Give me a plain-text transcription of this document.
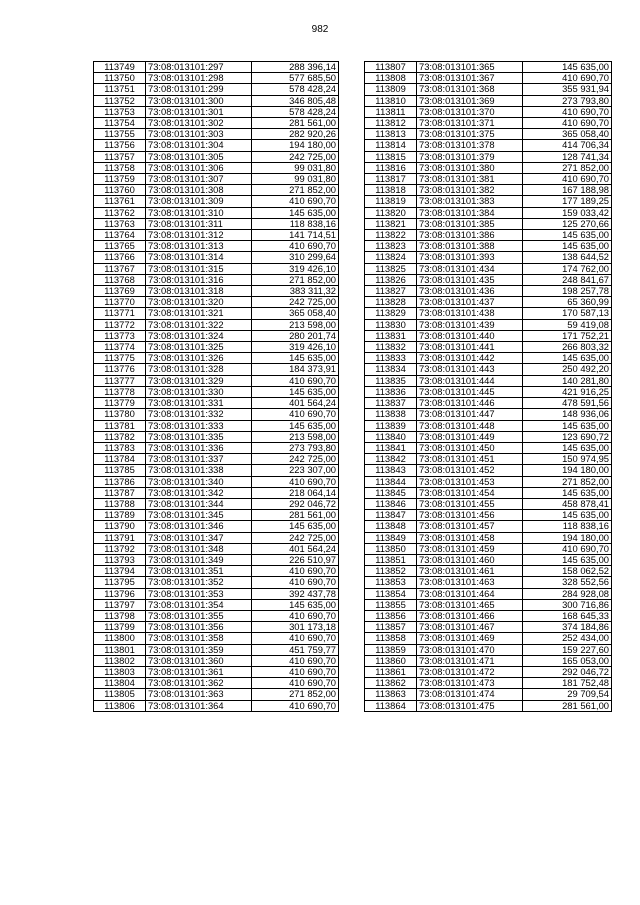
982
113749	73:08:013101:297	288 396,14
113750	73:08:013101:298	577 685,50
113751	73:08:013101:299	578 428,24
113752	73:08:013101:300	346 805,48
113753	73:08:013101:301	578 428,24
113754	73:08:013101:302	281 561,00
113755	73:08:013101:303	282 920,26
113756	73:08:013101:304	194 180,00
113757	73:08:013101:305	242 725,00
113758	73:08:013101:306	99 031,80
113759	73:08:013101:307	99 031,80
113760	73:08:013101:308	271 852,00
113761	73:08:013101:309	410 690,70
113762	73:08:013101:310	145 635,00
113763	73:08:013101:311	118 838,16
113764	73:08:013101:312	141 714,51
113765	73:08:013101:313	410 690,70
113766	73:08:013101:314	310 299,64
113767	73:08:013101:315	319 426,10
113768	73:08:013101:316	271 852,00
113769	73:08:013101:318	383 311,32
113770	73:08:013101:320	242 725,00
113771	73:08:013101:321	365 058,40
113772	73:08:013101:322	213 598,00
113773	73:08:013101:324	280 201,74
113774	73:08:013101:325	319 426,10
113775	73:08:013101:326	145 635,00
113776	73:08:013101:328	184 373,91
113777	73:08:013101:329	410 690,70
113778	73:08:013101:330	145 635,00
113779	73:08:013101:331	401 564,24
113780	73:08:013101:332	410 690,70
113781	73:08:013101:333	145 635,00
113782	73:08:013101:335	213 598,00
113783	73:08:013101:336	273 793,80
113784	73:08:013101:337	242 725,00
113785	73:08:013101:338	223 307,00
113786	73:08:013101:340	410 690,70
113787	73:08:013101:342	218 064,14
113788	73:08:013101:344	292 046,72
113789	73:08:013101:345	281 561,00
113790	73:08:013101:346	145 635,00
113791	73:08:013101:347	242 725,00
113792	73:08:013101:348	401 564,24
113793	73:08:013101:349	226 510,97
113794	73:08:013101:351	410 690,70
113795	73:08:013101:352	410 690,70
113796	73:08:013101:353	392 437,78
113797	73:08:013101:354	145 635,00
113798	73:08:013101:355	410 690,70
113799	73:08:013101:356	301 173,18
113800	73:08:013101:358	410 690,70
113801	73:08:013101:359	451 759,77
113802	73:08:013101:360	410 690,70
113803	73:08:013101:361	410 690,70
113804	73:08:013101:362	410 690,70
113805	73:08:013101:363	271 852,00
113806	73:08:013101:364	410 690,70
113807	73:08:013101:365	145 635,00
113808	73:08:013101:367	410 690,70
113809	73:08:013101:368	355 931,94
113810	73:08:013101:369	273 793,80
113811	73:08:013101:370	410 690,70
113812	73:08:013101:371	410 690,70
113813	73:08:013101:375	365 058,40
113814	73:08:013101:378	414 706,34
113815	73:08:013101:379	128 741,34
113816	73:08:013101:380	271 852,00
113817	73:08:013101:381	410 690,70
113818	73:08:013101:382	167 188,98
113819	73:08:013101:383	177 189,25
113820	73:08:013101:384	159 033,42
113821	73:08:013101:385	125 270,66
113822	73:08:013101:386	145 635,00
113823	73:08:013101:388	145 635,00
113824	73:08:013101:393	138 644,52
113825	73:08:013101:434	174 762,00
113826	73:08:013101:435	248 841,67
113827	73:08:013101:436	198 257,78
113828	73:08:013101:437	65 360,99
113829	73:08:013101:438	170 587,13
113830	73:08:013101:439	59 419,08
113831	73:08:013101:440	171 752,21
113832	73:08:013101:441	266 803,32
113833	73:08:013101:442	145 635,00
113834	73:08:013101:443	250 492,20
113835	73:08:013101:444	140 281,80
113836	73:08:013101:445	421 916,25
113837	73:08:013101:446	478 591,56
113838	73:08:013101:447	148 936,06
113839	73:08:013101:448	145 635,00
113840	73:08:013101:449	123 690,72
113841	73:08:013101:450	145 635,00
113842	73:08:013101:451	150 974,95
113843	73:08:013101:452	194 180,00
113844	73:08:013101:453	271 852,00
113845	73:08:013101:454	145 635,00
113846	73:08:013101:455	458 878,41
113847	73:08:013101:456	145 635,00
113848	73:08:013101:457	118 838,16
113849	73:08:013101:458	194 180,00
113850	73:08:013101:459	410 690,70
113851	73:08:013101:460	145 635,00
113852	73:08:013101:461	158 062,52
113853	73:08:013101:463	328 552,56
113854	73:08:013101:464	284 928,08
113855	73:08:013101:465	300 716,86
113856	73:08:013101:466	168 645,33
113857	73:08:013101:467	374 184,86
113858	73:08:013101:469	252 434,00
113859	73:08:013101:470	159 227,60
113860	73:08:013101:471	165 053,00
113861	73:08:013101:472	292 046,72
113862	73:08:013101:473	181 752,48
113863	73:08:013101:474	29 709,54
113864	73:08:013101:475	281 561,00
